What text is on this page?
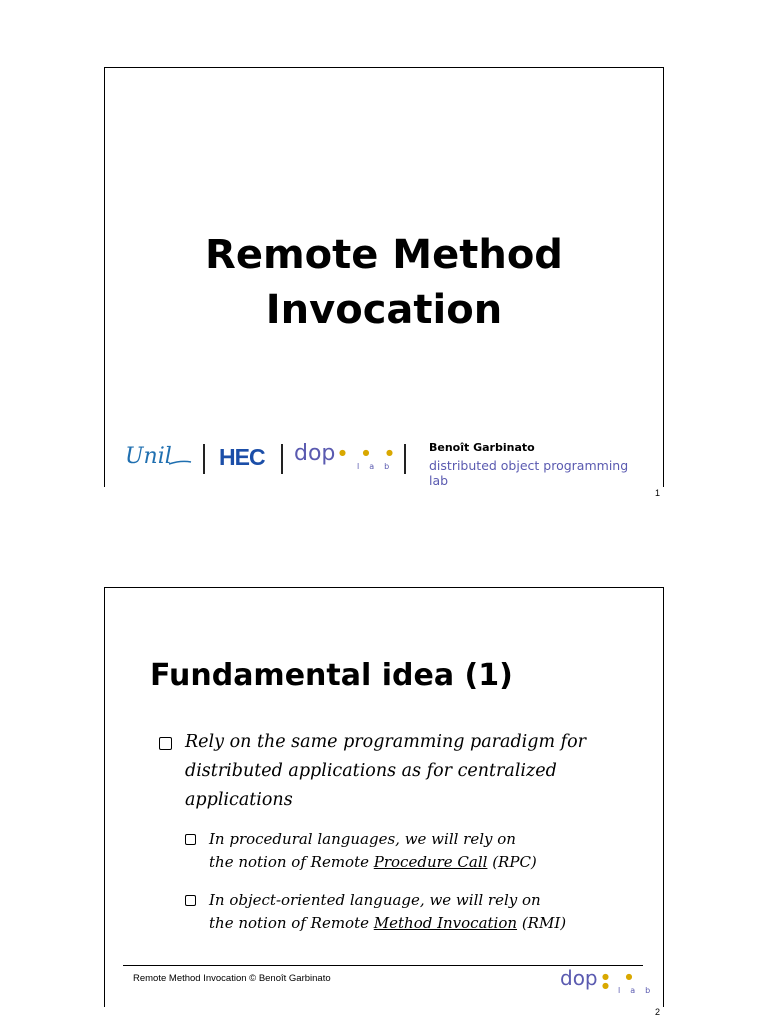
Remote Method
Invocation
Unil HEC dop ● ● ●
lab
Benoît Garbinato
distributed object programming lab
1
Fundamental idea (1)
Rely on the same programming paradigm for distributed applications as for centralized applications
In procedural languages, we will rely on
the notion of Remote Procedure Call (RPC)
In object-oriented language, we will rely on
the notion of Remote Method Invocation (RMI)
Remote Method Invocation © Benoît Garbinato	dop ● ● ●
lab
2
